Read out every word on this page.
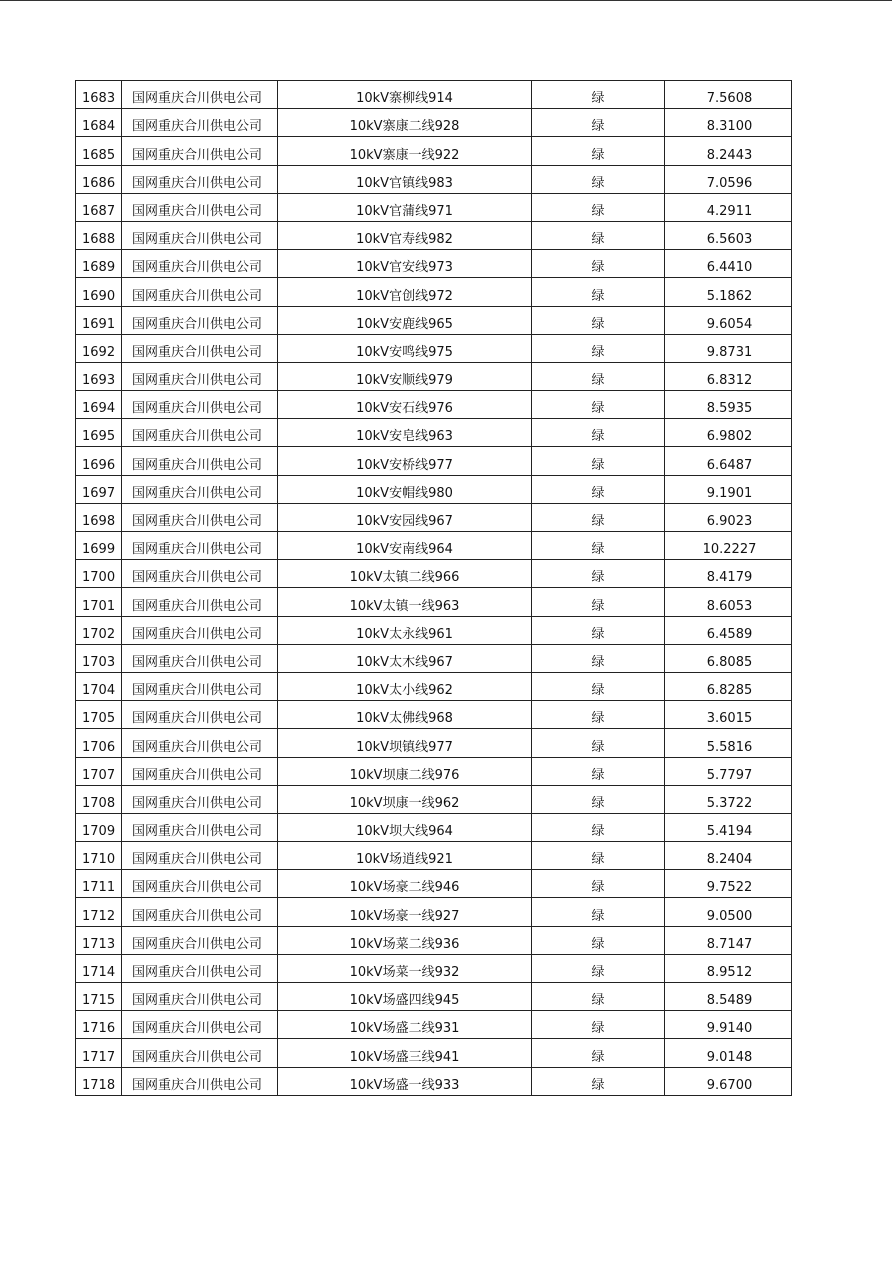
1683	国网重庆合川供电公司	10kV寨柳线914	绿	7.5608
1684	国网重庆合川供电公司	10kV寨康二线928	绿	8.3100
1685	国网重庆合川供电公司	10kV寨康一线922	绿	8.2443
1686	国网重庆合川供电公司	10kV官镇线983	绿	7.0596
1687	国网重庆合川供电公司	10kV官蒲线971	绿	4.2911
1688	国网重庆合川供电公司	10kV官寿线982	绿	6.5603
1689	国网重庆合川供电公司	10kV官安线973	绿	6.4410
1690	国网重庆合川供电公司	10kV官创线972	绿	5.1862
1691	国网重庆合川供电公司	10kV安鹿线965	绿	9.6054
1692	国网重庆合川供电公司	10kV安鸣线975	绿	9.8731
1693	国网重庆合川供电公司	10kV安顺线979	绿	6.8312
1694	国网重庆合川供电公司	10kV安石线976	绿	8.5935
1695	国网重庆合川供电公司	10kV安皂线963	绿	6.9802
1696	国网重庆合川供电公司	10kV安桥线977	绿	6.6487
1697	国网重庆合川供电公司	10kV安帽线980	绿	9.1901
1698	国网重庆合川供电公司	10kV安园线967	绿	6.9023
1699	国网重庆合川供电公司	10kV安南线964	绿	10.2227
1700	国网重庆合川供电公司	10kV太镇二线966	绿	8.4179
1701	国网重庆合川供电公司	10kV太镇一线963	绿	8.6053
1702	国网重庆合川供电公司	10kV太永线961	绿	6.4589
1703	国网重庆合川供电公司	10kV太木线967	绿	6.8085
1704	国网重庆合川供电公司	10kV太小线962	绿	6.8285
1705	国网重庆合川供电公司	10kV太佛线968	绿	3.6015
1706	国网重庆合川供电公司	10kV坝镇线977	绿	5.5816
1707	国网重庆合川供电公司	10kV坝康二线976	绿	5.7797
1708	国网重庆合川供电公司	10kV坝康一线962	绿	5.3722
1709	国网重庆合川供电公司	10kV坝大线964	绿	5.4194
1710	国网重庆合川供电公司	10kV场逍线921	绿	8.2404
1711	国网重庆合川供电公司	10kV场豪二线946	绿	9.7522
1712	国网重庆合川供电公司	10kV场豪一线927	绿	9.0500
1713	国网重庆合川供电公司	10kV场菜二线936	绿	8.7147
1714	国网重庆合川供电公司	10kV场菜一线932	绿	8.9512
1715	国网重庆合川供电公司	10kV场盛四线945	绿	8.5489
1716	国网重庆合川供电公司	10kV场盛二线931	绿	9.9140
1717	国网重庆合川供电公司	10kV场盛三线941	绿	9.0148
1718	国网重庆合川供电公司	10kV场盛一线933	绿	9.6700
